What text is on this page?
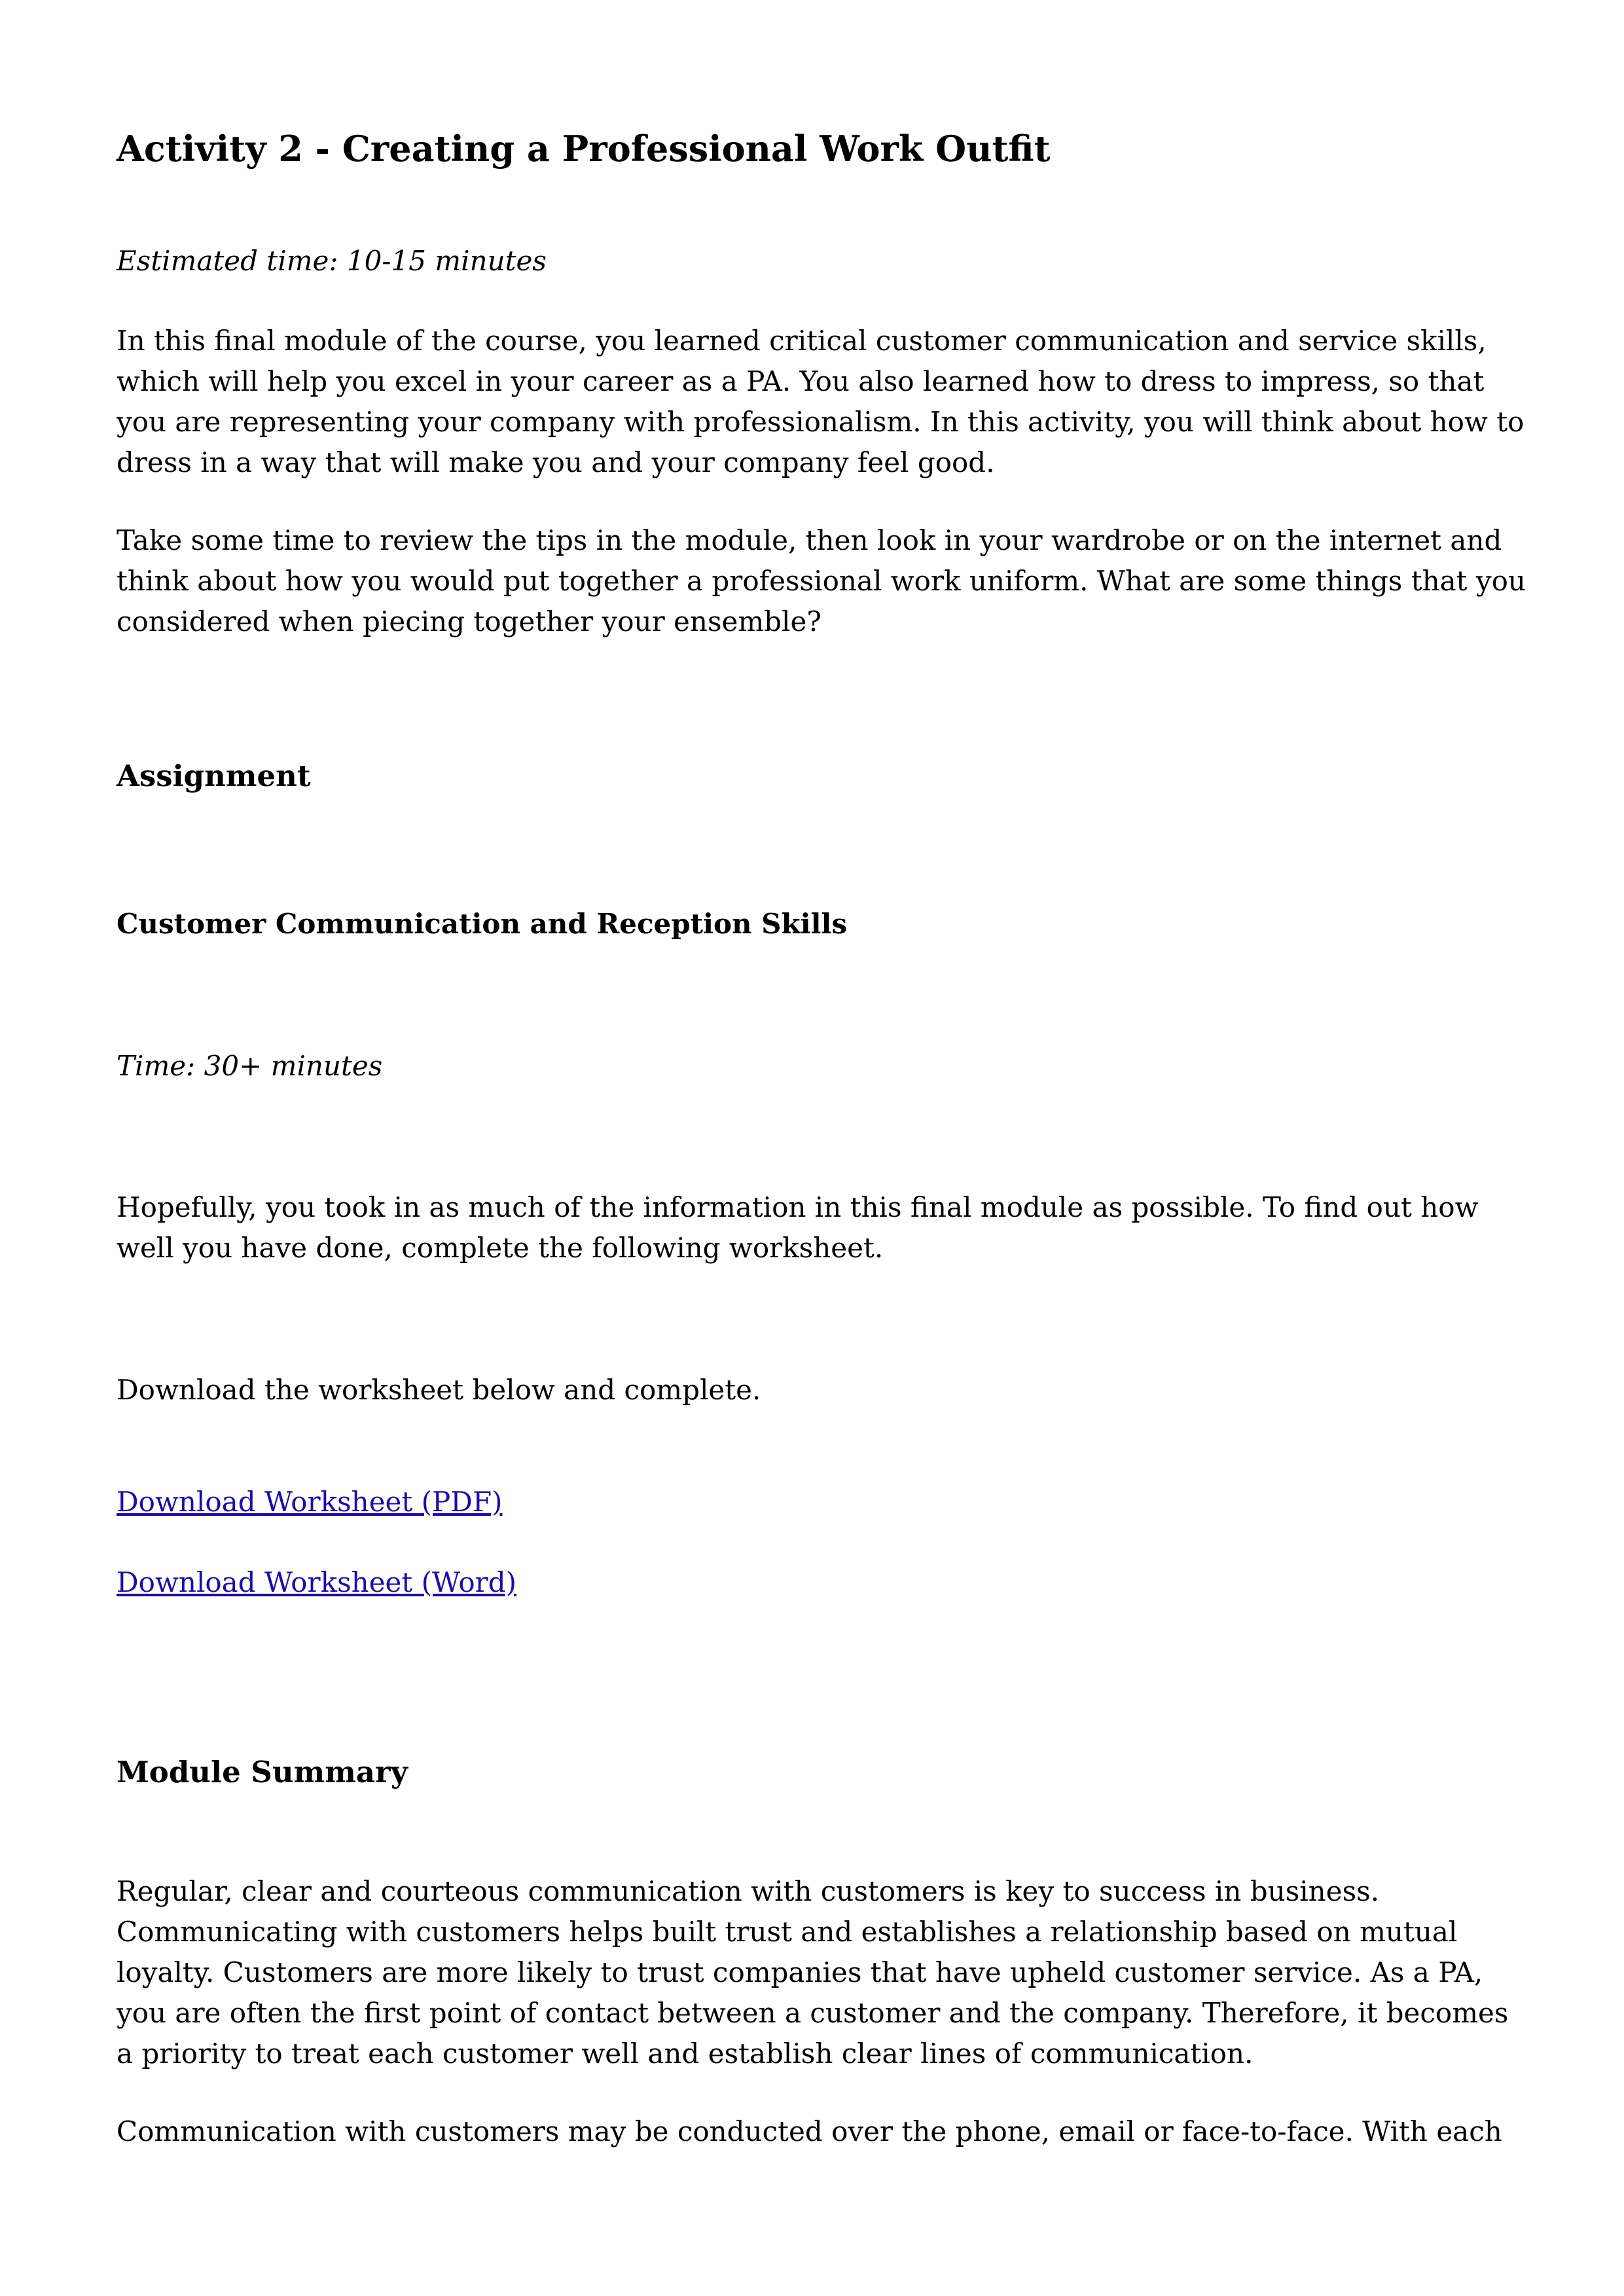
Activity 2 - Creating a Professional Work Outfit

Estimated time: 10-15 minutes

In this final module of the course, you learned critical customer communication and service skills,
which will help you excel in your career as a PA. You also learned how to dress to impress, so that
you are representing your company with professionalism. In this activity, you will think about how to
dress in a way that will make you and your company feel good.

Take some time to review the tips in the module, then look in your wardrobe or on the internet and
think about how you would put together a professional work uniform. What are some things that you
considered when piecing together your ensemble?

Assignment
Customer Communication and Reception Skills

Time: 30+ minutes

Hopefully, you took in as much of the information in this final module as possible. To find out how
well you have done, complete the following worksheet.

Download the worksheet below and complete.

Download Worksheet (PDF)
Download Worksheet (Word)
Module Summary

Regular, clear and courteous communication with customers is key to success in business.
Communicating with customers helps built trust and establishes a relationship based on mutual
loyalty. Customers are more likely to trust companies that have upheld customer service. As a PA,
you are often the first point of contact between a customer and the company. Therefore, it becomes
a priority to treat each customer well and establish clear lines of communication.

Communication with customers may be conducted over the phone, email or face-to-face. With each
